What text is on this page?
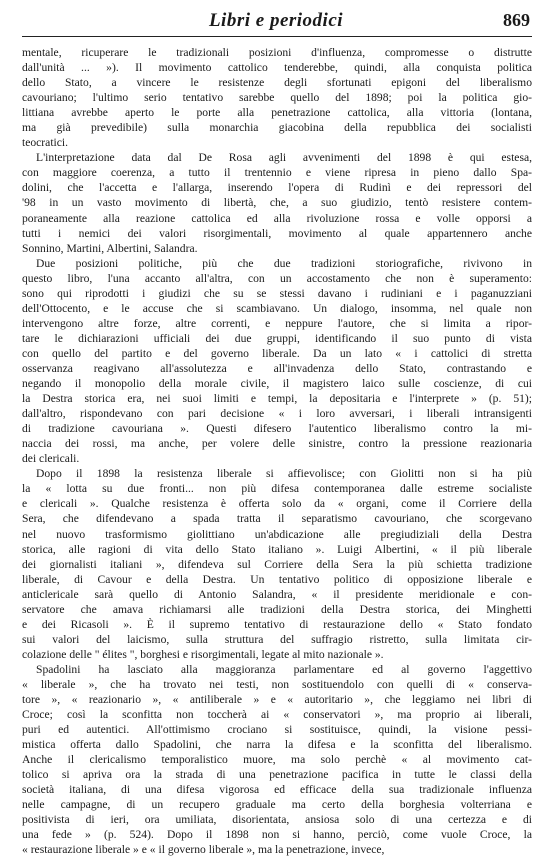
Libri e periodici	869
mentale, ricuperare le tradizionali posizioni d'influenza, compromesse o distrutte
dall'unità ... »). Il movimento cattolico tenderebbe, quindi, alla conquista politica
dello Stato, a vincere le resistenze degli sfortunati epigoni del liberalismo
cavouriano; l'ultimo serio tentativo sarebbe quello del 1898; poi la politica gio-
littiana avrebbe aperto le porte alla penetrazione cattolica, alla vittoria (lontana,
ma già prevedibile) sulla monarchia giacobina della repubblica dei socialisti
teocratici.
L'interpretazione data dal De Rosa agli avvenimenti del 1898 è qui estesa,
con maggiore coerenza, a tutto il trentennio e viene ripresa in pieno dallo Spa-
dolini, che l'accetta e l'allarga, inserendo l'opera di Rudinì e dei repressori del
'98 in un vasto movimento di libertà, che, a suo giudizio, tentò resistere contem-
poraneamente alla reazione cattolica ed alla rivoluzione rossa e volle opporsi a
tutti i nemici dei valori risorgimentali, movimento al quale appartennero anche
Sonnino, Martini, Albertini, Salandra.
Due posizioni politiche, più che due tradizioni storiografiche, rivivono in
questo libro, l'una accanto all'altra, con un accostamento che non è superamento:
sono qui riprodotti i giudizi che su se stessi davano i rudiniani e i paganuzziani
dell'Ottocento, e le accuse che si scambiavano. Un dialogo, insomma, nel quale non
intervengono altre forze, altre correnti, e neppure l'autore, che si limita a ripor-
tare le dichiarazioni ufficiali dei due gruppi, identificando il suo punto di vista
con quello del partito e del governo liberale. Da un lato « i cattolici di stretta
osservanza reagivano all'assolutezza e all'invadenza dello Stato, contrastando e
negando il monopolio della morale civile, il magistero laico sulle coscienze, di cui
la Destra storica era, nei suoi limiti e tempi, la depositaria e l'interprete » (p. 51);
dall'altro, rispondevano con pari decisione « i loro avversari, i liberali intransigenti
di tradizione cavouriana ». Questi difesero l'autentico liberalismo contro la mi-
naccia dei rossi, ma anche, per volere delle sinistre, contro la pressione reazionaria
dei clericali.
Dopo il 1898 la resistenza liberale si affievolisce; con Giolitti non si ha più
la « lotta su due fronti... non più difesa contemporanea dalle estreme socialiste
e clericali ». Qualche resistenza è offerta solo da « organi, come il Corriere della
Sera, che difendevano a spada tratta il separatismo cavouriano, che scorgevano
nel nuovo trasformismo giolittiano un'abdicazione alle pregiudiziali della Destra
storica, alle ragioni di vita dello Stato italiano ». Luigi Albertini, « il più liberale
dei giornalisti italiani », difendeva sul Corriere della Sera la più schietta tradizione
liberale, di Cavour e della Destra. Un tentativo politico di opposizione liberale e
anticlericale sarà quello di Antonio Salandra, « il presidente meridionale e con-
servatore che amava richiamarsi alle tradizioni della Destra storica, dei Minghetti
e dei Ricasoli ». È il supremo tentativo di restaurazione dello « Stato fondato
sui valori del laicismo, sulla struttura del suffragio ristretto, sulla limitata cir-
colazione delle " élites ", borghesi e risorgimentali, legate al mito nazionale ».
Spadolini ha lasciato alla maggioranza parlamentare ed al governo l'aggettivo
« liberale », che ha trovato nei testi, non sostituendolo con quelli di « conserva-
tore », « reazionario », « antiliberale » e « autoritario », che leggiamo nei libri di
Croce; così la sconfitta non toccherà ai « conservatori », ma proprio ai liberali,
puri ed autentici. All'ottimismo crociano si sostituisce, quindi, la visione pessi-
mistica offerta dallo Spadolini, che narra la difesa e la sconfitta del liberalismo.
Anche il clericalismo temporalistico muore, ma solo perchè « al movimento cat-
tolico si apriva ora la strada di una penetrazione pacifica in tutte le classi della
società italiana, di una difesa vigorosa ed efficace della sua tradizionale influenza
nelle campagne, di un recupero graduale ma certo della borghesia volterriana e
positivista di ieri, ora umiliata, disorientata, ansiosa solo di una certezza e di
una fede » (p. 524). Dopo il 1898 non si hanno, perciò, come vuole Croce, la
« restaurazione liberale » e « il governo liberale », ma la penetrazione, invece,
